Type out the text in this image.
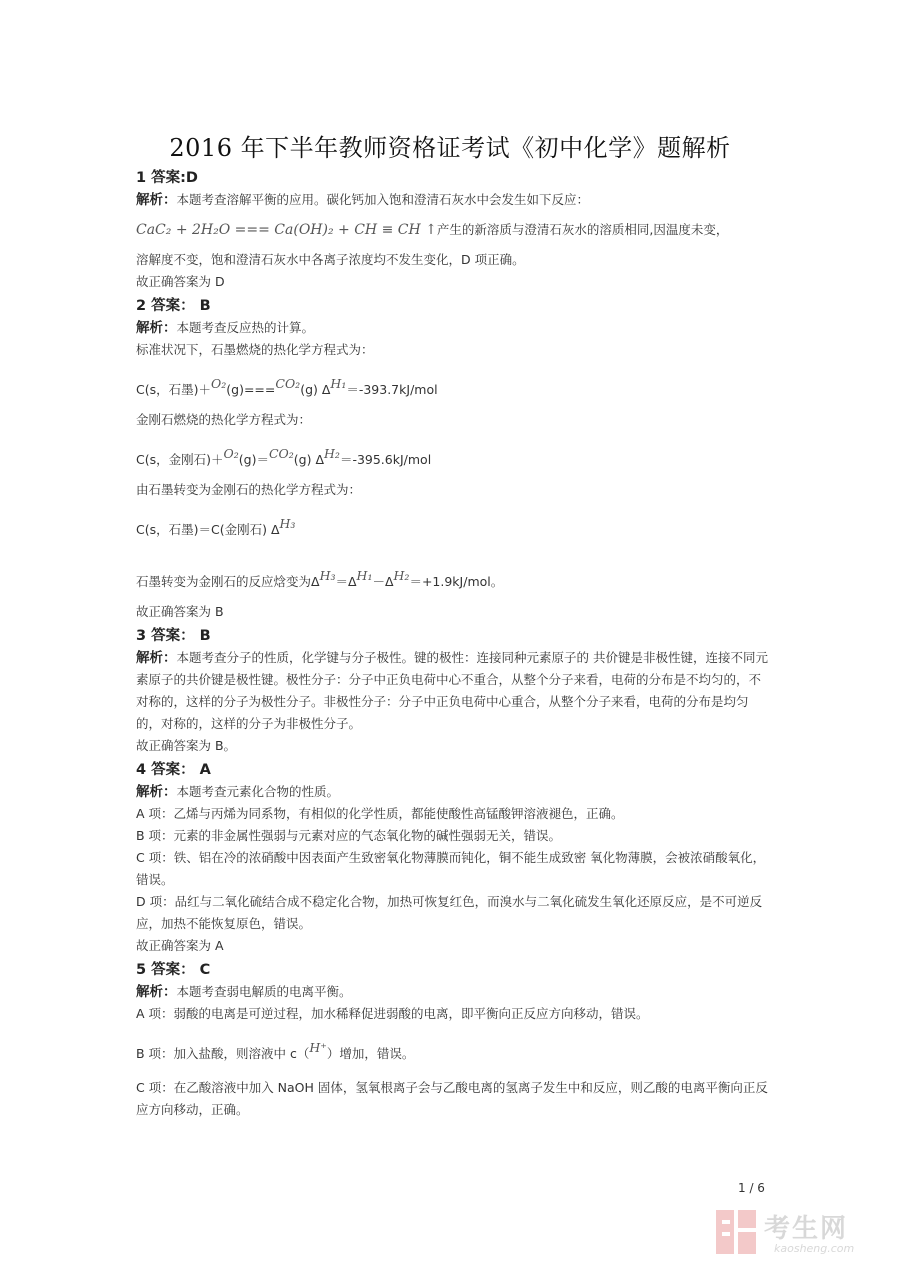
2016 年下半年教师资格证考试《初中化学》题解析
1 答案:D
解析：本题考查溶解平衡的应用。碳化钙加入饱和澄清石灰水中会发生如下反应：
CaC₂ + 2H₂O === Ca(OH)₂ + CH ≡ CH ↑产生的新溶质与澄清石灰水的溶质相同,因温度未变，
溶解度不变，饱和澄清石灰水中各离子浓度均不发生变化，D 项正确。
故正确答案为 D
2 答案： B
解析：本题考查反应热的计算。
标准状况下，石墨燃烧的热化学方程式为：
C(s，石墨)＋O₂(g)===CO₂(g) ΔH₁＝-393.7kJ/mol
金刚石燃烧的热化学方程式为：
C(s，金刚石)＋O₂(g)＝CO₂(g) ΔH₂＝-395.6kJ/mol
由石墨转变为金刚石的热化学方程式为：
C(s，石墨)＝C(金刚石) ΔH₃
石墨转变为金刚石的反应焓变为ΔH₃＝ΔH₁－ΔH₂＝+1.9kJ/mol。
故正确答案为 B
3 答案： B
解析：本题考查分子的性质，化学键与分子极性。键的极性：连接同种元素原子的 共价键是非极性键，连接不同元素原子的共价键是极性键。极性分子：分子中正负电荷中心不重合，从整个分子来看，电荷的分布是不均匀的，不对称的，这样的分子为极性分子。非极性分子：分子中正负电荷中心重合，从整个分子来看，电荷的分布是均匀的，对称的，这样的分子为非极性分子。
故正确答案为 B。
4 答案： A
解析：本题考查元素化合物的性质。
A 项：乙烯与丙烯为同系物，有相似的化学性质，都能使酸性高锰酸钾溶液褪色，正确。
B 项：元素的非金属性强弱与元素对应的气态氧化物的碱性强弱无关，错误。
C 项：铁、铝在冷的浓硝酸中因表面产生致密氧化物薄膜而钝化，铜不能生成致密 氧化物薄膜，会被浓硝酸氧化，错误。
D 项：品红与二氧化硫结合成不稳定化合物，加热可恢复红色，而溴水与二氧化硫发生氧化还原反应，是不可逆反应，加热不能恢复原色，错误。
故正确答案为 A
5 答案： C
解析：本题考查弱电解质的电离平衡。
A 项：弱酸的电离是可逆过程，加水稀释促进弱酸的电离，即平衡向正反应方向移动，错误。
B 项：加入盐酸，则溶液中 c（H⁺）增加，错误。
C 项：在乙酸溶液中加入 NaOH 固体，氢氧根离子会与乙酸电离的氢离子发生中和反应，则乙酸的电离平衡向正反应方向移动，正确。
1 / 6
考生网
kaosheng.com
